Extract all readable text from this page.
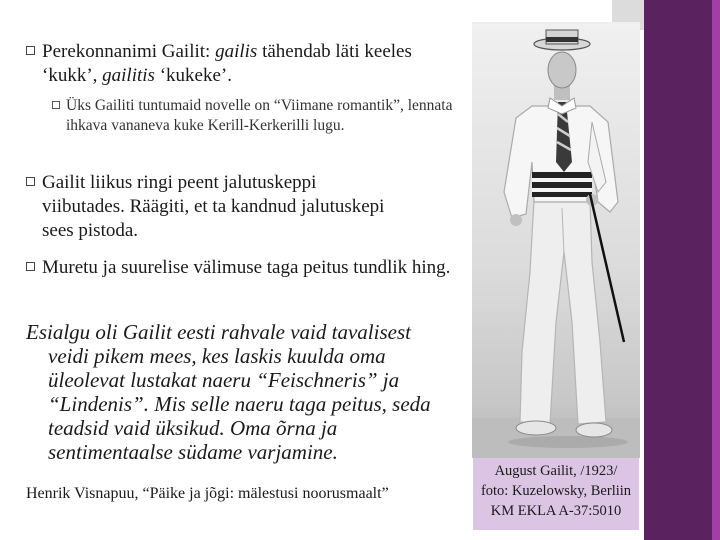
Perekonnanimi Gailit: gailis tähendab läti keeles ‘kukk’, gailitis ‘kukeke’.
Üks Gailiti tuntumaid novelle on “Viimane romantik”, lennata ihkava vananeva kuke Kerill-Kerkerilli lugu.
Gailit liikus ringi peent jalutuskeppi viibutades. Räägiti, et ta kandnud jalutuskepi sees pistoda.
Muretu ja suurelise välimuse taga peitus tundlik hing.
Esialgu oli Gailit eesti rahvale vaid tavalisest
veidi pikem mees, kes laskis kuulda oma
üleolevat lustakat naeru “Feischneris” ja
“Lindenis”. Mis selle naeru taga peitus, seda
teadsid vaid üksikud. Oma õrna ja
sentimentaalse südame varjamine.
Henrik Visnapuu, “Päike ja jõgi: mälestusi noorusmaalt”
August Gailit, /1923/
foto: Kuzelowsky, Berliin
KM EKLA A-37:5010
